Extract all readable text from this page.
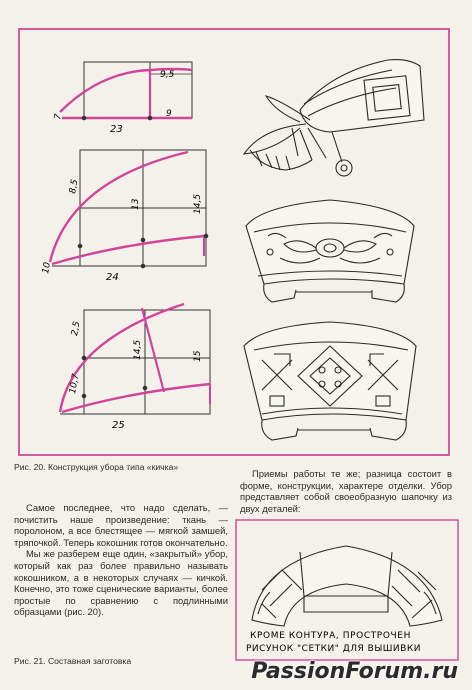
9,5
9
7
23
8,5
13	14,5
10
24
2,5
14,5	15
10,7
25
Рис. 20. Конструкция убора типа «кичка»

Самое последнее, что надо сделать, — почистить наше произведение: ткань — поролоном, а все блестящее — мягкой замшей, тряпочкой. Теперь кокошник готов окончательно.

Мы же разберем еще один, «закрытый» убор, который как раз более правильно называть кокошником, а в некоторых случаях — кичкой. Конечно, это тоже сценические варианты, более простые по сравнению с подлинными образцами (рис. 20).

Рис. 21. Составная заготовка

Приемы работы те же; разница состоит в форме, конструкции, характере отделки. Убор представляет собой своеобразную шапочку из двух деталей:

КРОМЕ КОНТУРА, ПРОСТРОЧЕН
РИСУНОК "СЕТКИ" ДЛЯ ВЫШИВКИ
PassionForum.ru
